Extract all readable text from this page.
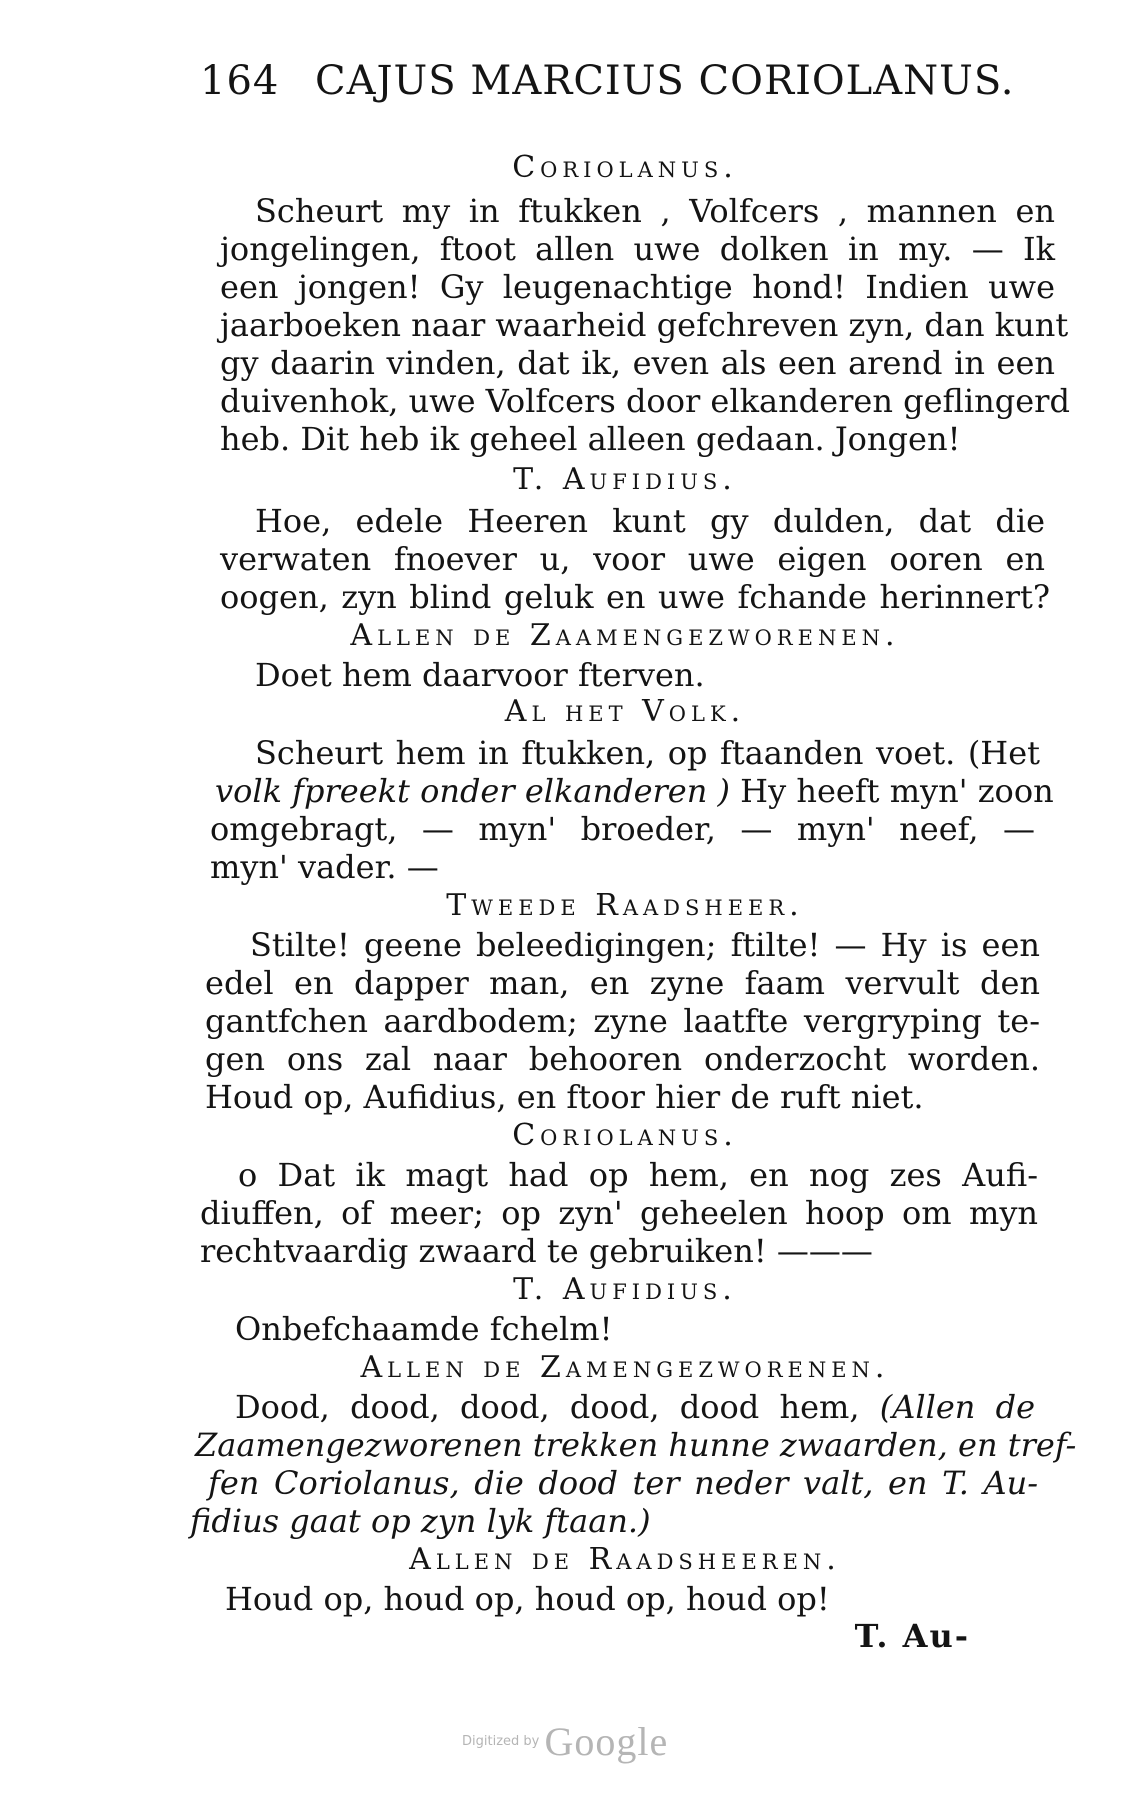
164 CAJUS MARCIUS CORIOLANUS.
Coriolanus.
Scheurt my in ftukken , Volfcers , mannen en
jongelingen, ftoot allen uwe dolken in my. — Ik
een jongen! Gy leugenachtige hond! Indien uwe
jaarboeken naar waarheid gefchreven zyn, dan kunt
gy daarin vinden, dat ik, even als een arend in een
duivenhok, uwe Volfcers door elkanderen geflingerd
heb. Dit heb ik geheel alleen gedaan. Jongen!
T. Aufidius.
Hoe, edele Heeren kunt gy dulden, dat die
verwaten fnoever u, voor uwe eigen ooren en
oogen, zyn blind geluk en uwe fchande herinnert?
Allen de Zaamengezworenen.
Doet hem daarvoor fterven.
Al het Volk.
Scheurt hem in ftukken, op ftaanden voet. (Het
volk fpreekt onder elkanderen ) Hy heeft myn' zoon
omgebragt, — myn' broeder, — myn' neef, —
myn' vader. —
Tweede Raadsheer.
Stilte! geene beleedigingen; ftilte! — Hy is een
edel en dapper man, en zyne faam vervult den
gantfchen aardbodem; zyne laatfte vergryping te-
gen ons zal naar behooren onderzocht worden.
Houd op, Aufidius, en ftoor hier de ruft niet.
Coriolanus.
o Dat ik magt had op hem, en nog zes Aufi-
diuffen, of meer; op zyn' geheelen hoop om myn
rechtvaardig zwaard te gebruiken! ———
T. Aufidius.
Onbefchaamde fchelm!
Allen de Zamengezworenen.
Dood, dood, dood, dood, dood hem, (Allen de
Zaamengezworenen trekken hunne zwaarden, en tref-
fen Coriolanus, die dood ter neder valt, en T. Au-
fidius gaat op zyn lyk ftaan.)
Allen de Raadsheeren.
Houd op, houd op, houd op, houd op!
T. Au-
Digitized by Google
